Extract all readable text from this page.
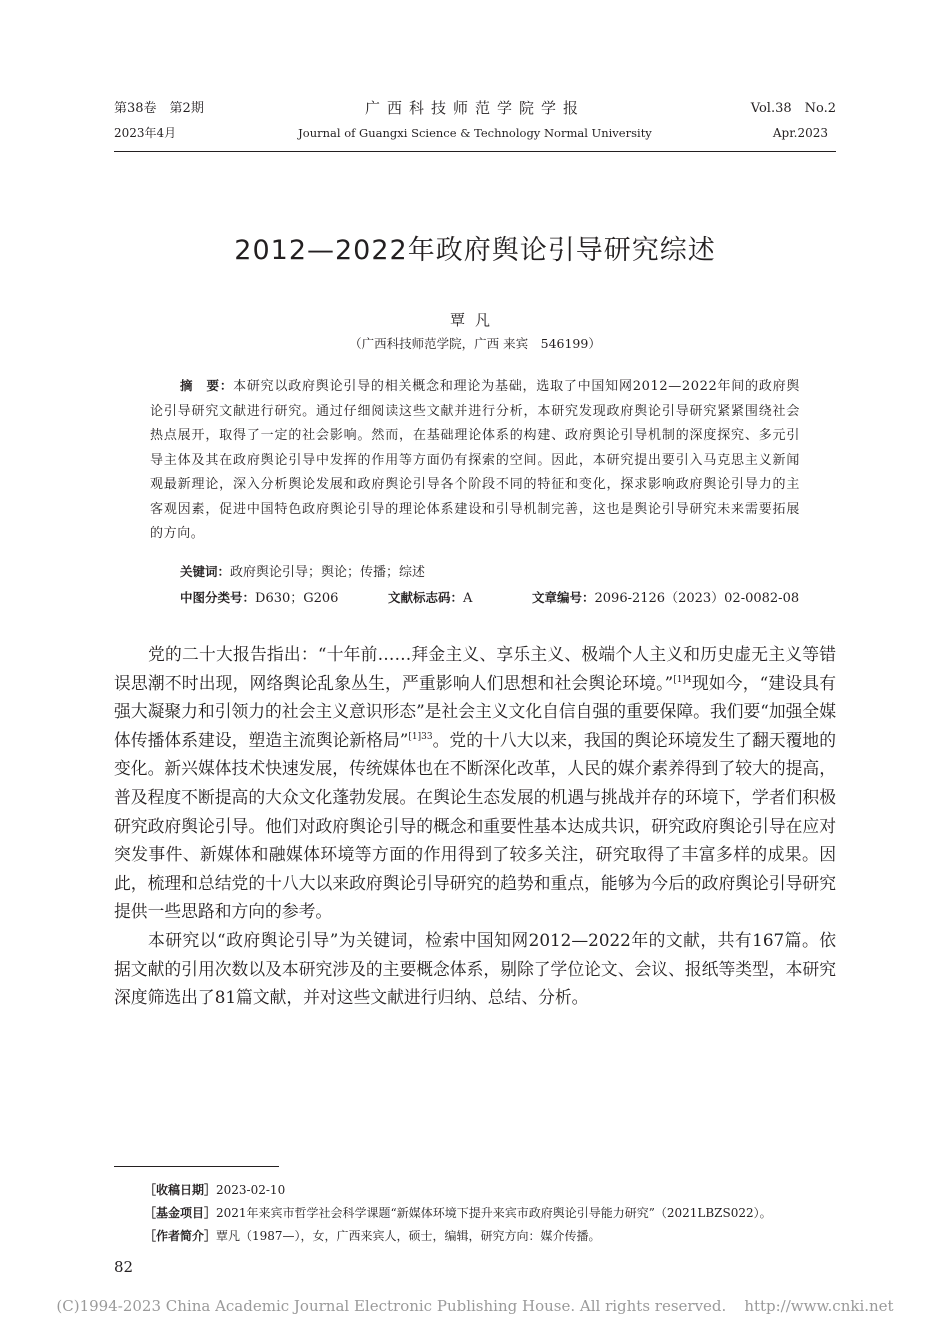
第38卷　第2期
2023年4月
广西科技师范学院学报
Journal of Guangxi Science & Technology Normal University
Vol.38　No.2
Apr.2023
2012—2022年政府舆论引导研究综述
覃凡
（广西科技师范学院，广西 来宾　546199）

摘　要：本研究以政府舆论引导的相关概念和理论为基础，选取了中国知网2012—2022年间的政府舆论引导研究文献进行研究。通过仔细阅读这些文献并进行分析，本研究发现政府舆论引导研究紧紧围绕社会热点展开，取得了一定的社会影响。然而，在基础理论体系的构建、政府舆论引导机制的深度探究、多元引导主体及其在政府舆论引导中发挥的作用等方面仍有探索的空间。因此，本研究提出要引入马克思主义新闻观最新理论，深入分析舆论发展和政府舆论引导各个阶段不同的特征和变化，探求影响政府舆论引导力的主客观因素，促进中国特色政府舆论引导的理论体系建设和引导机制完善，这也是舆论引导研究未来需要拓展的方向。

关键词：政府舆论引导；舆论；传播；综述
中图分类号：D630；G206	文献标志码：A	文章编号：2096-2126（2023）02-0082-08

党的二十大报告指出：“十年前……拜金主义、享乐主义、极端个人主义和历史虚无主义等错误思潮不时出现，网络舆论乱象丛生，严重影响人们思想和社会舆论环境。”$^{[1]4}$现如今，“建设具有强大凝聚力和引领力的社会主义意识形态”是社会主义文化自信自强的重要保障。我们要“加强全媒体传播体系建设，塑造主流舆论新格局”$^{[1]33}$。党的十八大以来，我国的舆论环境发生了翻天覆地的变化。新兴媒体技术快速发展，传统媒体也在不断深化改革，人民的媒介素养得到了较大的提高，普及程度不断提高的大众文化蓬勃发展。在舆论生态发展的机遇与挑战并存的环境下，学者们积极研究政府舆论引导。他们对政府舆论引导的概念和重要性基本达成共识，研究政府舆论引导在应对突发事件、新媒体和融媒体环境等方面的作用得到了较多关注，研究取得了丰富多样的成果。因此，梳理和总结党的十八大以来政府舆论引导研究的趋势和重点，能够为今后的政府舆论引导研究提供一些思路和方向的参考。

本研究以“政府舆论引导”为关键词，检索中国知网2012—2022年的文献，共有167篇。依据文献的引用次数以及本研究涉及的主要概念体系，剔除了学位论文、会议、报纸等类型，本研究深度筛选出了81篇文献，并对这些文献进行归纳、总结、分析。

［收稿日期］2023-02-10
［基金项目］2021年来宾市哲学社会科学课题“新媒体环境下提升来宾市政府舆论引导能力研究”（2021LBZS022）。
［作者简介］覃凡（1987—），女，广西来宾人，硕士，编辑，研究方向：媒介传播。
82
(C)1994-2023 China Academic Journal Electronic Publishing House. All rights reserved. http://www.cnki.net
